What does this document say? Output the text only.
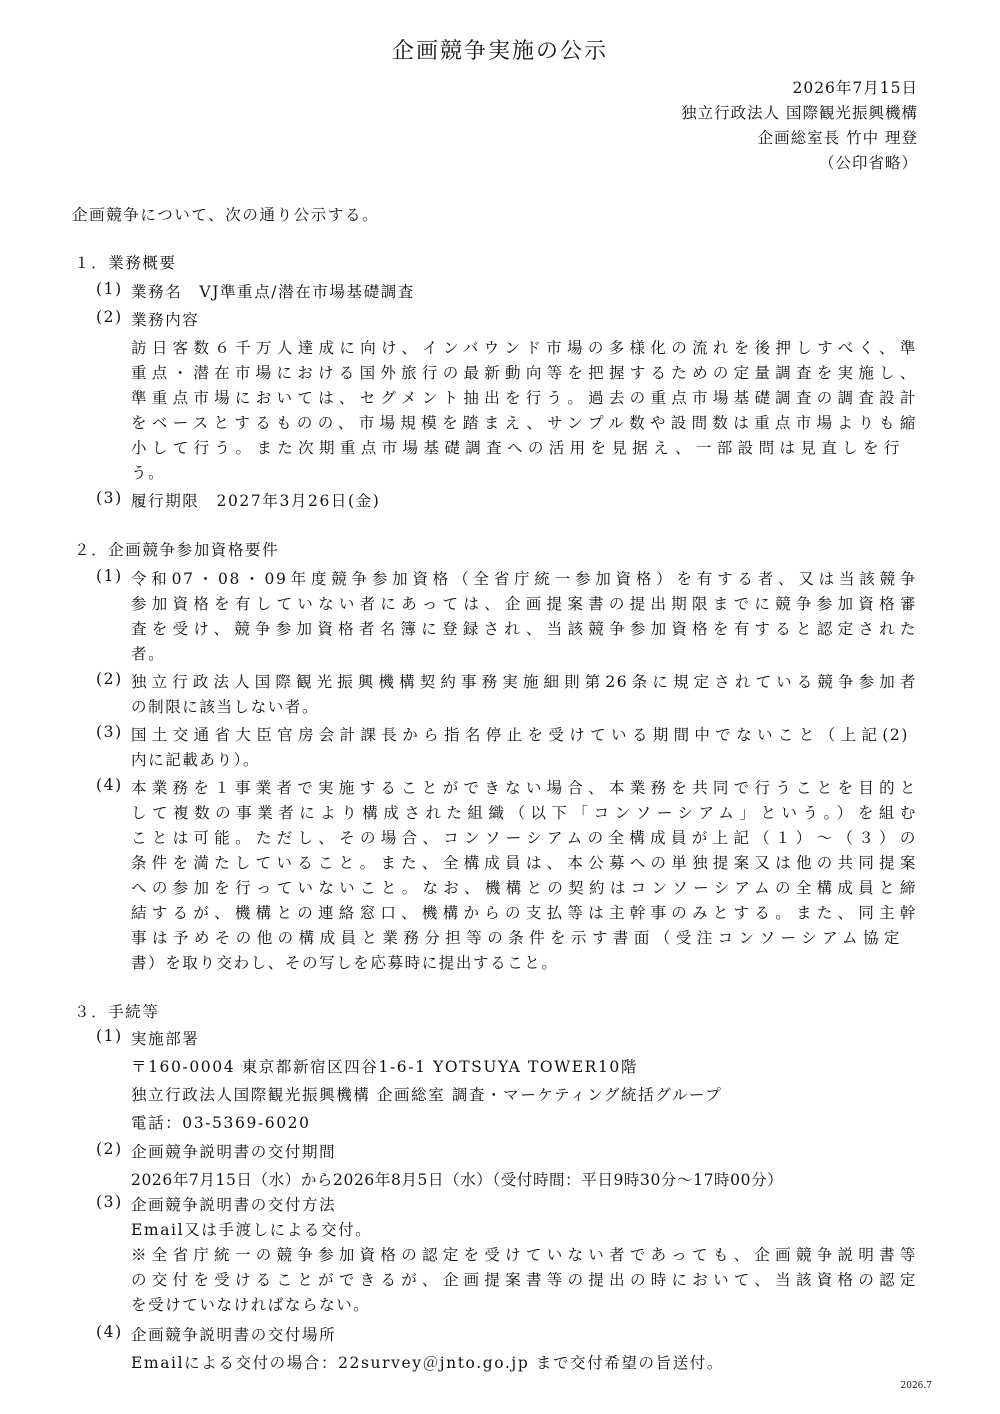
企画競争実施の公示
2026年7月15日
独立行政法人 国際観光振興機構
企画総室長 竹中 理登
（公印省略）
企画競争について、次の通り公示する。
１．業務概要
(1) 業務名　VJ準重点/潜在市場基礎調査
(2) 業務内容
訪日客数６千万人達成に向け、インバウンド市場の多様化の流れを後押しすべく、準
重点・潜在市場における国外旅行の最新動向等を把握するための定量調査を実施し、
準重点市場においては、セグメント抽出を行う。過去の重点市場基礎調査の調査設計
をベースとするものの、市場規模を踏まえ、サンプル数や設問数は重点市場よりも縮
小して行う。また次期重点市場基礎調査への活用を見据え、一部設問は見直しを行
う。
(3) 履行期限　2027年3月26日(金)
２．企画競争参加資格要件
(1) 令和07・08・09年度競争参加資格（全省庁統一参加資格）を有する者、又は当該競争
参加資格を有していない者にあっては、企画提案書の提出期限までに競争参加資格審
査を受け、競争参加資格者名簿に登録され、当該競争参加資格を有すると認定された
者。
(2) 独立行政法人国際観光振興機構契約事務実施細則第26条に規定されている競争参加者
の制限に該当しない者。
(3) 国土交通省大臣官房会計課長から指名停止を受けている期間中でないこと（上記(2)
内に記載あり）。
(4) 本業務を１事業者で実施することができない場合、本業務を共同で行うことを目的と
して複数の事業者により構成された組織（以下「コンソーシアム」という。）を組む
ことは可能。ただし、その場合、コンソーシアムの全構成員が上記（１）～（３）の
条件を満たしていること。また、全構成員は、本公募への単独提案又は他の共同提案
への参加を行っていないこと。なお、機構との契約はコンソーシアムの全構成員と締
結するが、機構との連絡窓口、機構からの支払等は主幹事のみとする。また、同主幹
事は予めその他の構成員と業務分担等の条件を示す書面（受注コンソーシアム協定
書）を取り交わし、その写しを応募時に提出すること。
３．手続等
(1) 実施部署
〒160-0004 東京都新宿区四谷1-6-1 YOTSUYA TOWER10階
独立行政法人国際観光振興機構 企画総室 調査・マーケティング統括グループ
電話：03-5369-6020
(2) 企画競争説明書の交付期間
2026年7月15日（水）から2026年8月5日（水）（受付時間：平日9時30分～17時00分）
(3) 企画競争説明書の交付方法
Email又は手渡しによる交付。
※全省庁統一の競争参加資格の認定を受けていない者であっても、企画競争説明書等
の交付を受けることができるが、企画提案書等の提出の時において、当該資格の認定
を受けていなければならない。
(4) 企画競争説明書の交付場所
Emailによる交付の場合：22survey＠jnto.go.jp まで交付希望の旨送付。
2026.7
